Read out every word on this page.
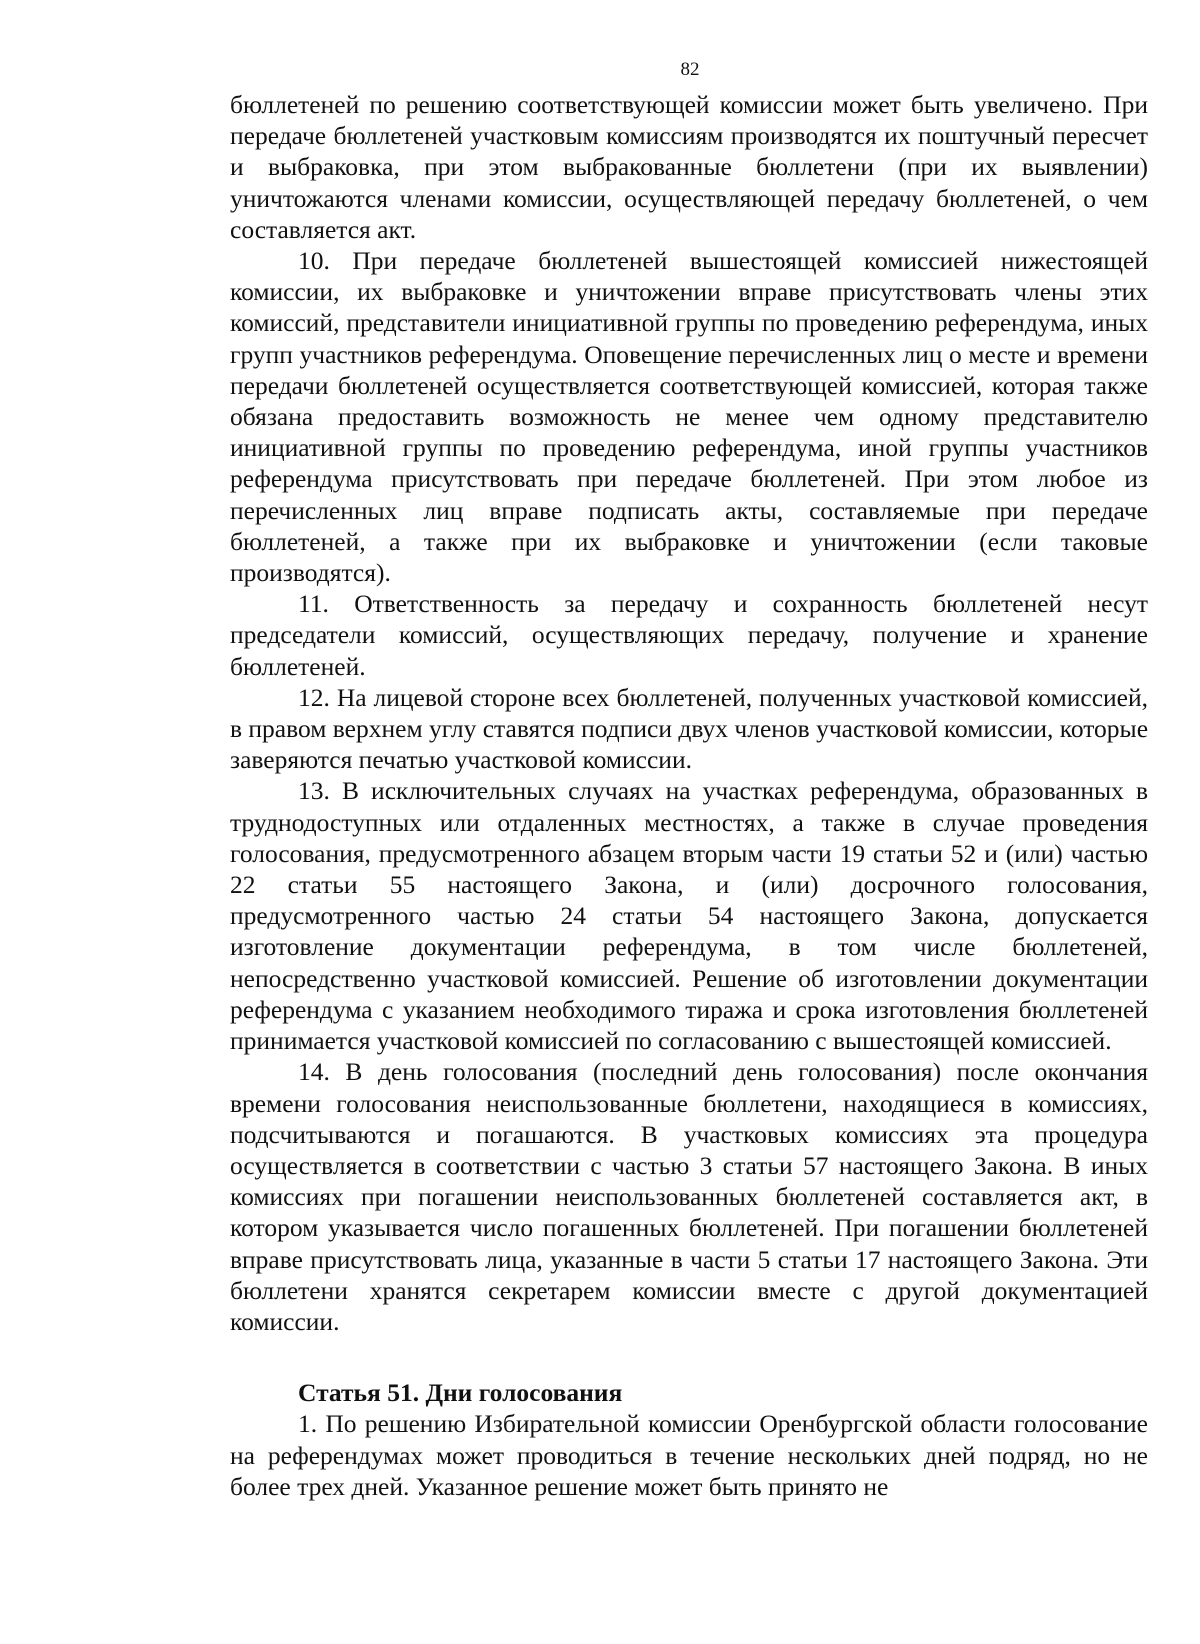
82

бюллетеней по решению соответствующей комиссии может быть увеличено. При передаче бюллетеней участковым комиссиям производятся их поштучный пересчет и выбраковка, при этом выбракованные бюллетени (при их выявлении) уничтожаются членами комиссии, осуществляющей передачу бюллетеней, о чем составляется акт.

10. При передаче бюллетеней вышестоящей комиссией нижестоящей комиссии, их выбраковке и уничтожении вправе присутствовать члены этих комиссий, представители инициативной группы по проведению референдума, иных групп участников референдума. Оповещение перечисленных лиц о месте и времени передачи бюллетеней осуществляется соответствующей комиссией, которая также обязана предоставить возможность не менее чем одному представителю инициативной группы по проведению референдума, иной группы участников референдума присутствовать при передаче бюллетеней. При этом любое из перечисленных лиц вправе подписать акты, составляемые при передаче бюллетеней, а также при их выбраковке и уничтожении (если таковые производятся).

11. Ответственность за передачу и сохранность бюллетеней несут председатели комиссий, осуществляющих передачу, получение и хранение бюллетеней.

12. На лицевой стороне всех бюллетеней, полученных участковой комиссией, в правом верхнем углу ставятся подписи двух членов участковой комиссии, которые заверяются печатью участковой комиссии.

13. В исключительных случаях на участках референдума, образованных в труднодоступных или отдаленных местностях, а также в случае проведения голосования, предусмотренного абзацем вторым части 19 статьи 52 и (или) частью 22 статьи 55 настоящего Закона, и (или) досрочного голосования, предусмотренного частью 24 статьи 54 настоящего Закона, допускается изготовление документации референдума, в том числе бюллетеней, непосредственно участковой комиссией. Решение об изготовлении документации референдума с указанием необходимого тиража и срока изготовления бюллетеней принимается участковой комиссией по согласованию с вышестоящей комиссией.

14. В день голосования (последний день голосования) после окончания времени голосования неиспользованные бюллетени, находящиеся в комиссиях, подсчитываются и погашаются. В участковых комиссиях эта процедура осуществляется в соответствии с частью 3 статьи 57 настоящего Закона. В иных комиссиях при погашении неиспользованных бюллетеней составляется акт, в котором указывается число погашенных бюллетеней. При погашении бюллетеней вправе присутствовать лица, указанные в части 5 статьи 17 настоящего Закона. Эти бюллетени хранятся секретарем комиссии вместе с другой документацией комиссии.

Статья 51. Дни голосования

1. По решению Избирательной комиссии Оренбургской области голосование на референдумах может проводиться в течение нескольких дней подряд, но не более трех дней. Указанное решение может быть принято не
